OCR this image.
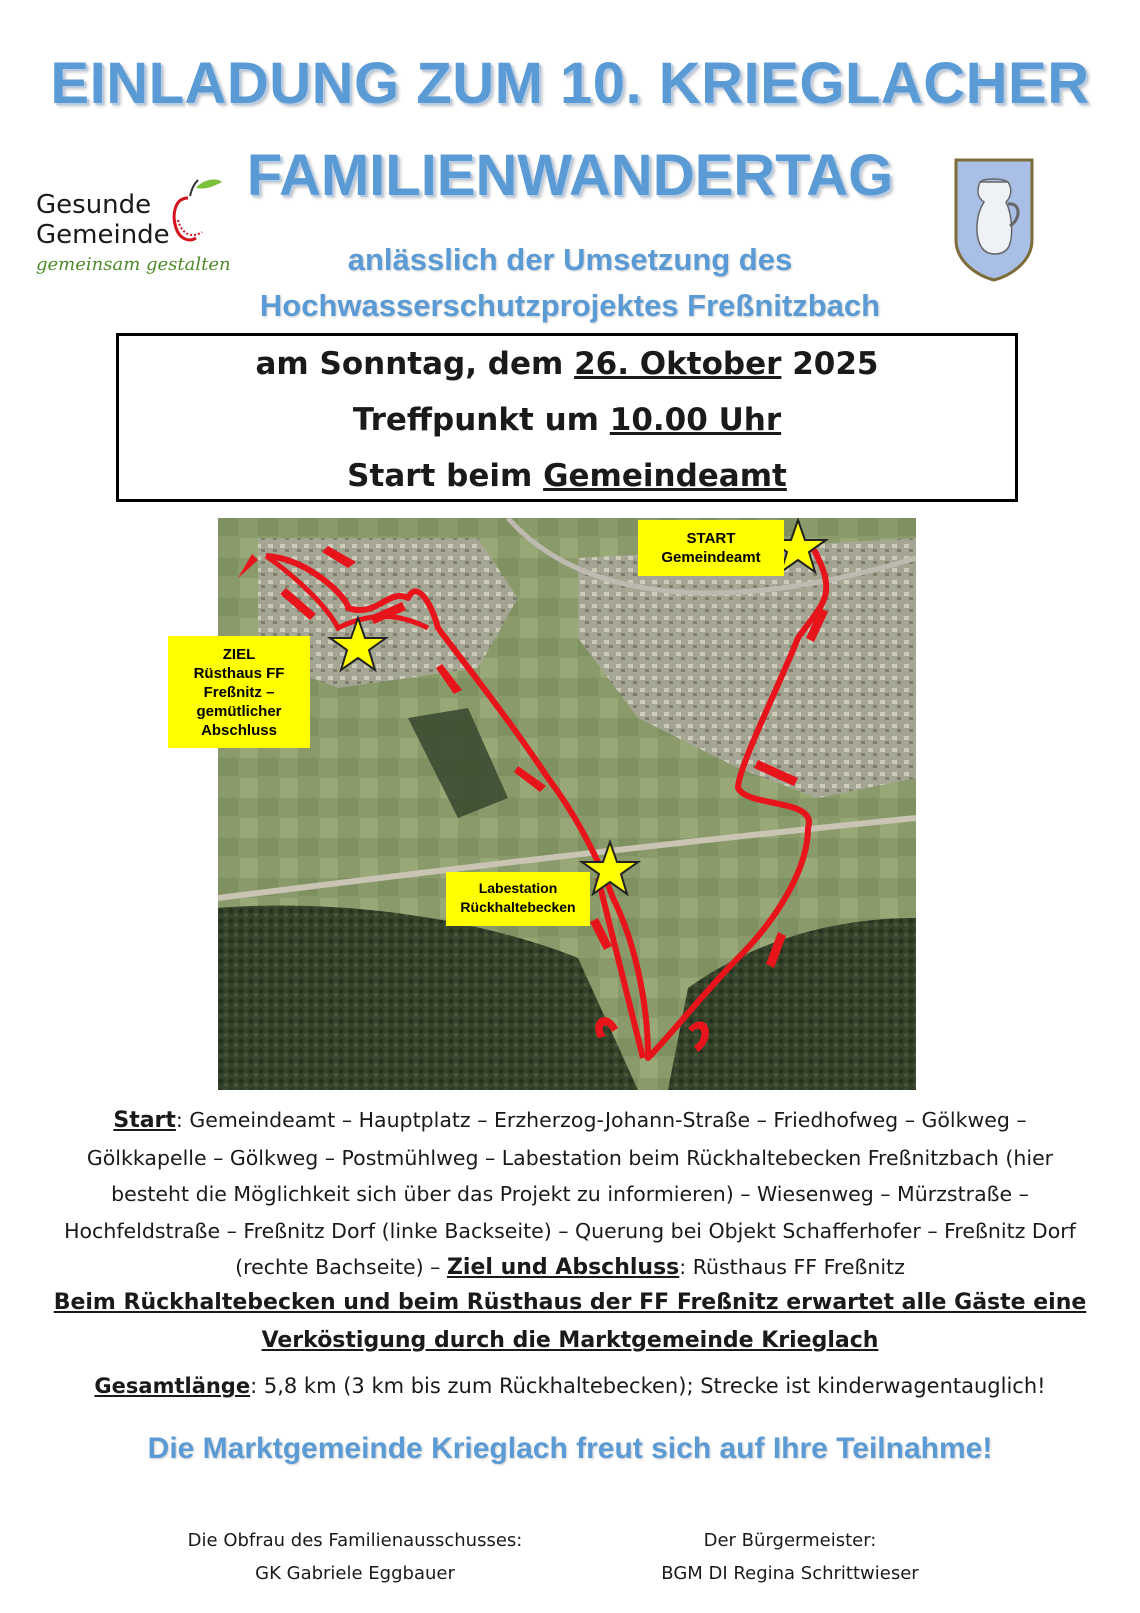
EINLADUNG ZUM 10. KRIEGLACHER
FAMILIENWANDERTAG
Gesunde
Gemeinde
gemeinsam gestalten	anlässlich der Umsetzung des
Hochwasserschutzprojektes Freßnitzbach
am Sonntag, dem 26. Oktober 2025
Treffpunkt um 10.00 Uhr
Start beim Gemeindeamt
START
Gemeindeamt
ZIEL
Rüsthaus FF
Freßnitz –
gemütlicher
Abschluss
Labestation
Rückhaltebecken
Start: Gemeindeamt – Hauptplatz – Erzherzog-Johann-Straße – Friedhofweg – Gölkweg –
Gölkkapelle – Gölkweg – Postmühlweg – Labestation beim Rückhaltebecken Freßnitzbach (hier
besteht die Möglichkeit sich über das Projekt zu informieren) – Wiesenweg – Mürzstraße –
Hochfeldstraße – Freßnitz Dorf (linke Backseite) – Querung bei Objekt Schafferhofer – Freßnitz Dorf
(rechte Bachseite) – Ziel und Abschluss: Rüsthaus FF Freßnitz
Beim Rückhaltebecken und beim Rüsthaus der FF Freßnitz erwartet alle Gäste eine
Verköstigung durch die Marktgemeinde Krieglach
Gesamtlänge: 5,8 km (3 km bis zum Rückhaltebecken); Strecke ist kinderwagentauglich!
Die Marktgemeinde Krieglach freut sich auf Ihre Teilnahme!
Die Obfrau des Familienausschusses:
GK Gabriele Eggbauer
Der Bürgermeister:
BGM DI Regina Schrittwieser
